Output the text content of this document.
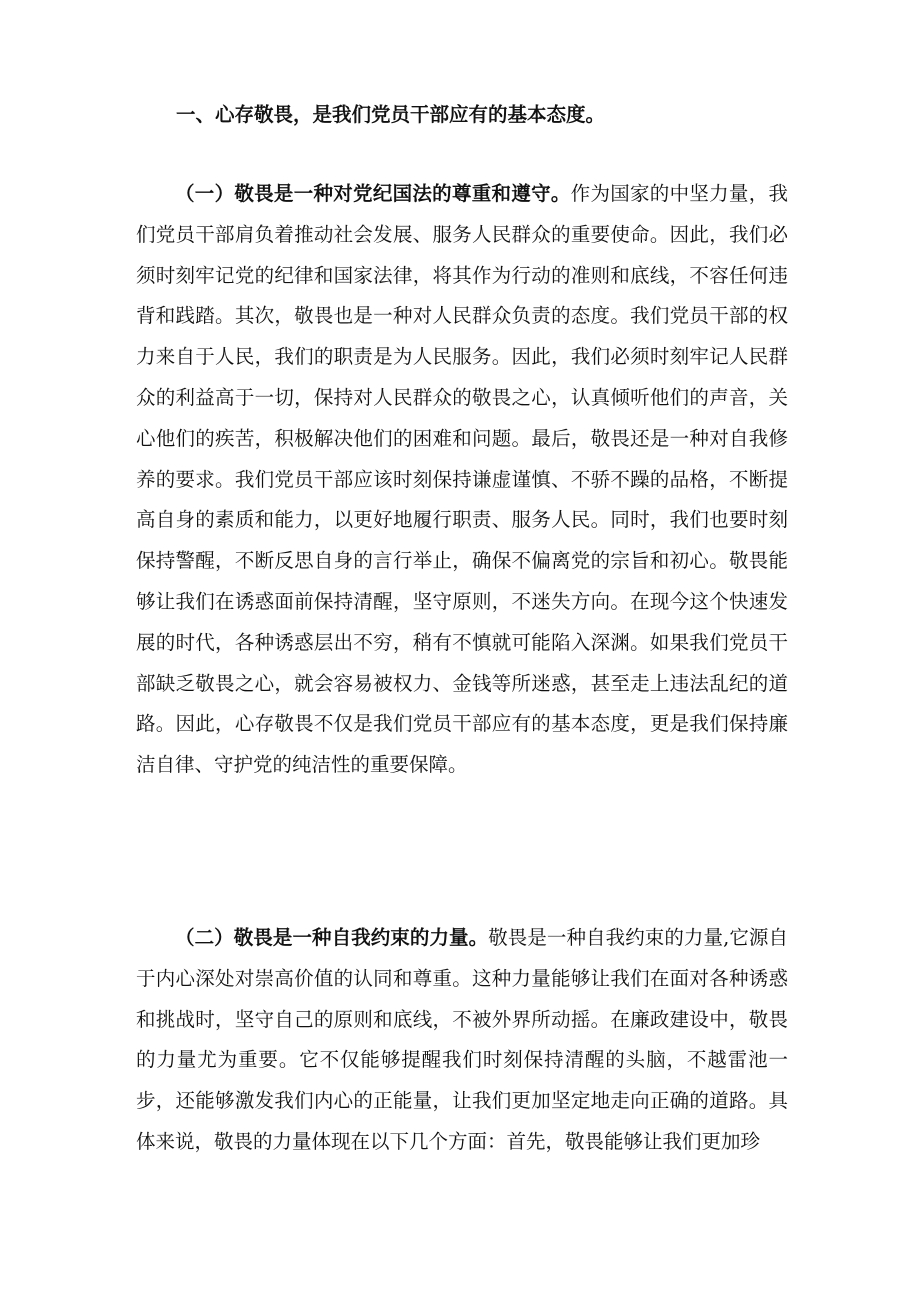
一、心存敬畏，是我们党员干部应有的基本态度。

（一）敬畏是一种对党纪国法的尊重和遵守。作为国家的中坚力量，我们党员干部肩负着推动社会发展、服务人民群众的重要使命。因此，我们必须时刻牢记党的纪律和国家法律，将其作为行动的准则和底线，不容任何违背和践踏。其次，敬畏也是一种对人民群众负责的态度。我们党员干部的权力来自于人民，我们的职责是为人民服务。因此，我们必须时刻牢记人民群众的利益高于一切，保持对人民群众的敬畏之心，认真倾听他们的声音，关心他们的疾苦，积极解决他们的困难和问题。最后，敬畏还是一种对自我修养的要求。我们党员干部应该时刻保持谦虚谨慎、不骄不躁的品格，不断提高自身的素质和能力，以更好地履行职责、服务人民。同时，我们也要时刻保持警醒，不断反思自身的言行举止，确保不偏离党的宗旨和初心。敬畏能够让我们在诱惑面前保持清醒，坚守原则，不迷失方向。在现今这个快速发展的时代，各种诱惑层出不穷，稍有不慎就可能陷入深渊。如果我们党员干部缺乏敬畏之心，就会容易被权力、金钱等所迷惑，甚至走上违法乱纪的道路。因此，心存敬畏不仅是我们党员干部应有的基本态度，更是我们保持廉洁自律、守护党的纯洁性的重要保障。

（二）敬畏是一种自我约束的力量。敬畏是一种自我约束的力量,它源自于内心深处对崇高价值的认同和尊重。这种力量能够让我们在面对各种诱惑和挑战时，坚守自己的原则和底线，不被外界所动摇。在廉政建设中，敬畏的力量尤为重要。它不仅能够提醒我们时刻保持清醒的头脑，不越雷池一步，还能够激发我们内心的正能量，让我们更加坚定地走向正确的道路。具体来说，敬畏的力量体现在以下几个方面：首先，敬畏能够让我们更加珍
